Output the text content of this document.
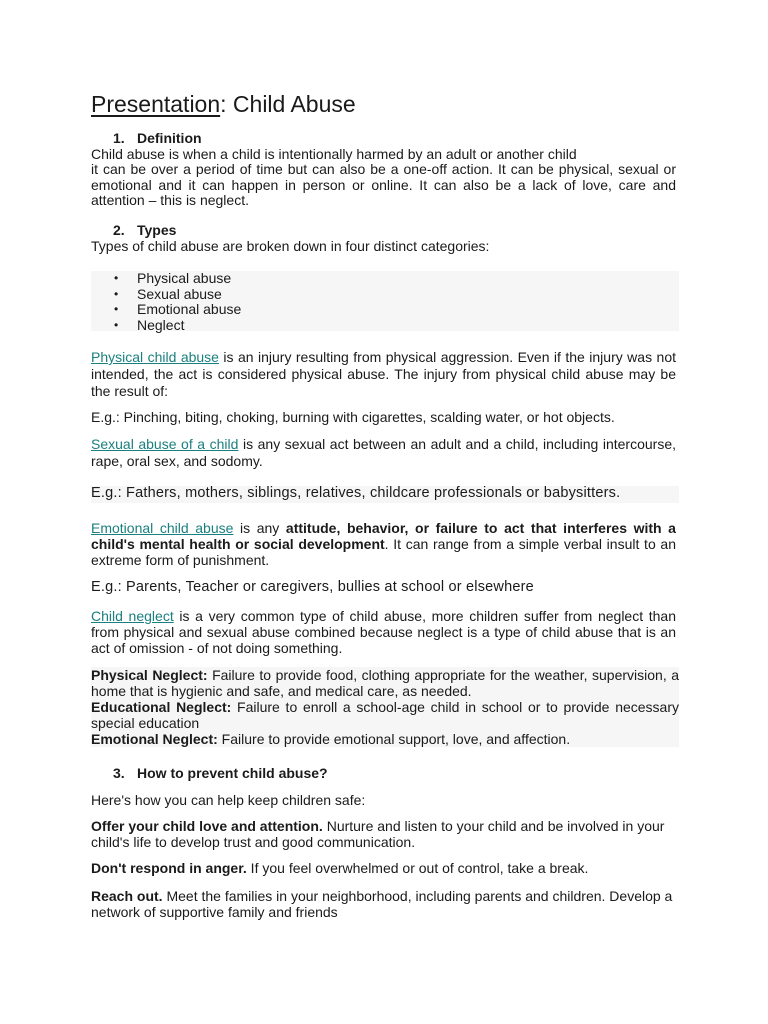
Presentation: Child Abuse
1. Definition
Child abuse is when a child is intentionally harmed by an adult or another child
it can be over a period of time but can also be a one-off action. It can be physical, sexual or emotional and it can happen in person or online. It can also be a lack of love, care and attention – this is neglect.
2. Types
Types of child abuse are broken down in four distinct categories:
• Physical abuse
• Sexual abuse
• Emotional abuse
• Neglect
Physical child abuse is an injury resulting from physical aggression. Even if the injury was not intended, the act is considered physical abuse. The injury from physical child abuse may be the result of:
E.g.: Pinching, biting, choking, burning with cigarettes, scalding water, or hot objects.
Sexual abuse of a child is any sexual act between an adult and a child, including intercourse, rape, oral sex, and sodomy.
E.g.: Fathers, mothers, siblings, relatives, childcare professionals or babysitters.
Emotional child abuse is any attitude, behavior, or failure to act that interferes with a child's mental health or social development. It can range from a simple verbal insult to an extreme form of punishment.
E.g.: Parents, Teacher or caregivers, bullies at school or elsewhere
Child neglect is a very common type of child abuse, more children suffer from neglect than from physical and sexual abuse combined because neglect is a type of child abuse that is an act of omission - of not doing something.
Physical Neglect: Failure to provide food, clothing appropriate for the weather, supervision, a home that is hygienic and safe, and medical care, as needed.
Educational Neglect: Failure to enroll a school-age child in school or to provide necessary special education
Emotional Neglect: Failure to provide emotional support, love, and affection.
3. How to prevent child abuse?
Here's how you can help keep children safe:
Offer your child love and attention. Nurture and listen to your child and be involved in your child's life to develop trust and good communication.
Don't respond in anger. If you feel overwhelmed or out of control, take a break.
Reach out. Meet the families in your neighborhood, including parents and children. Develop a network of supportive family and friends
